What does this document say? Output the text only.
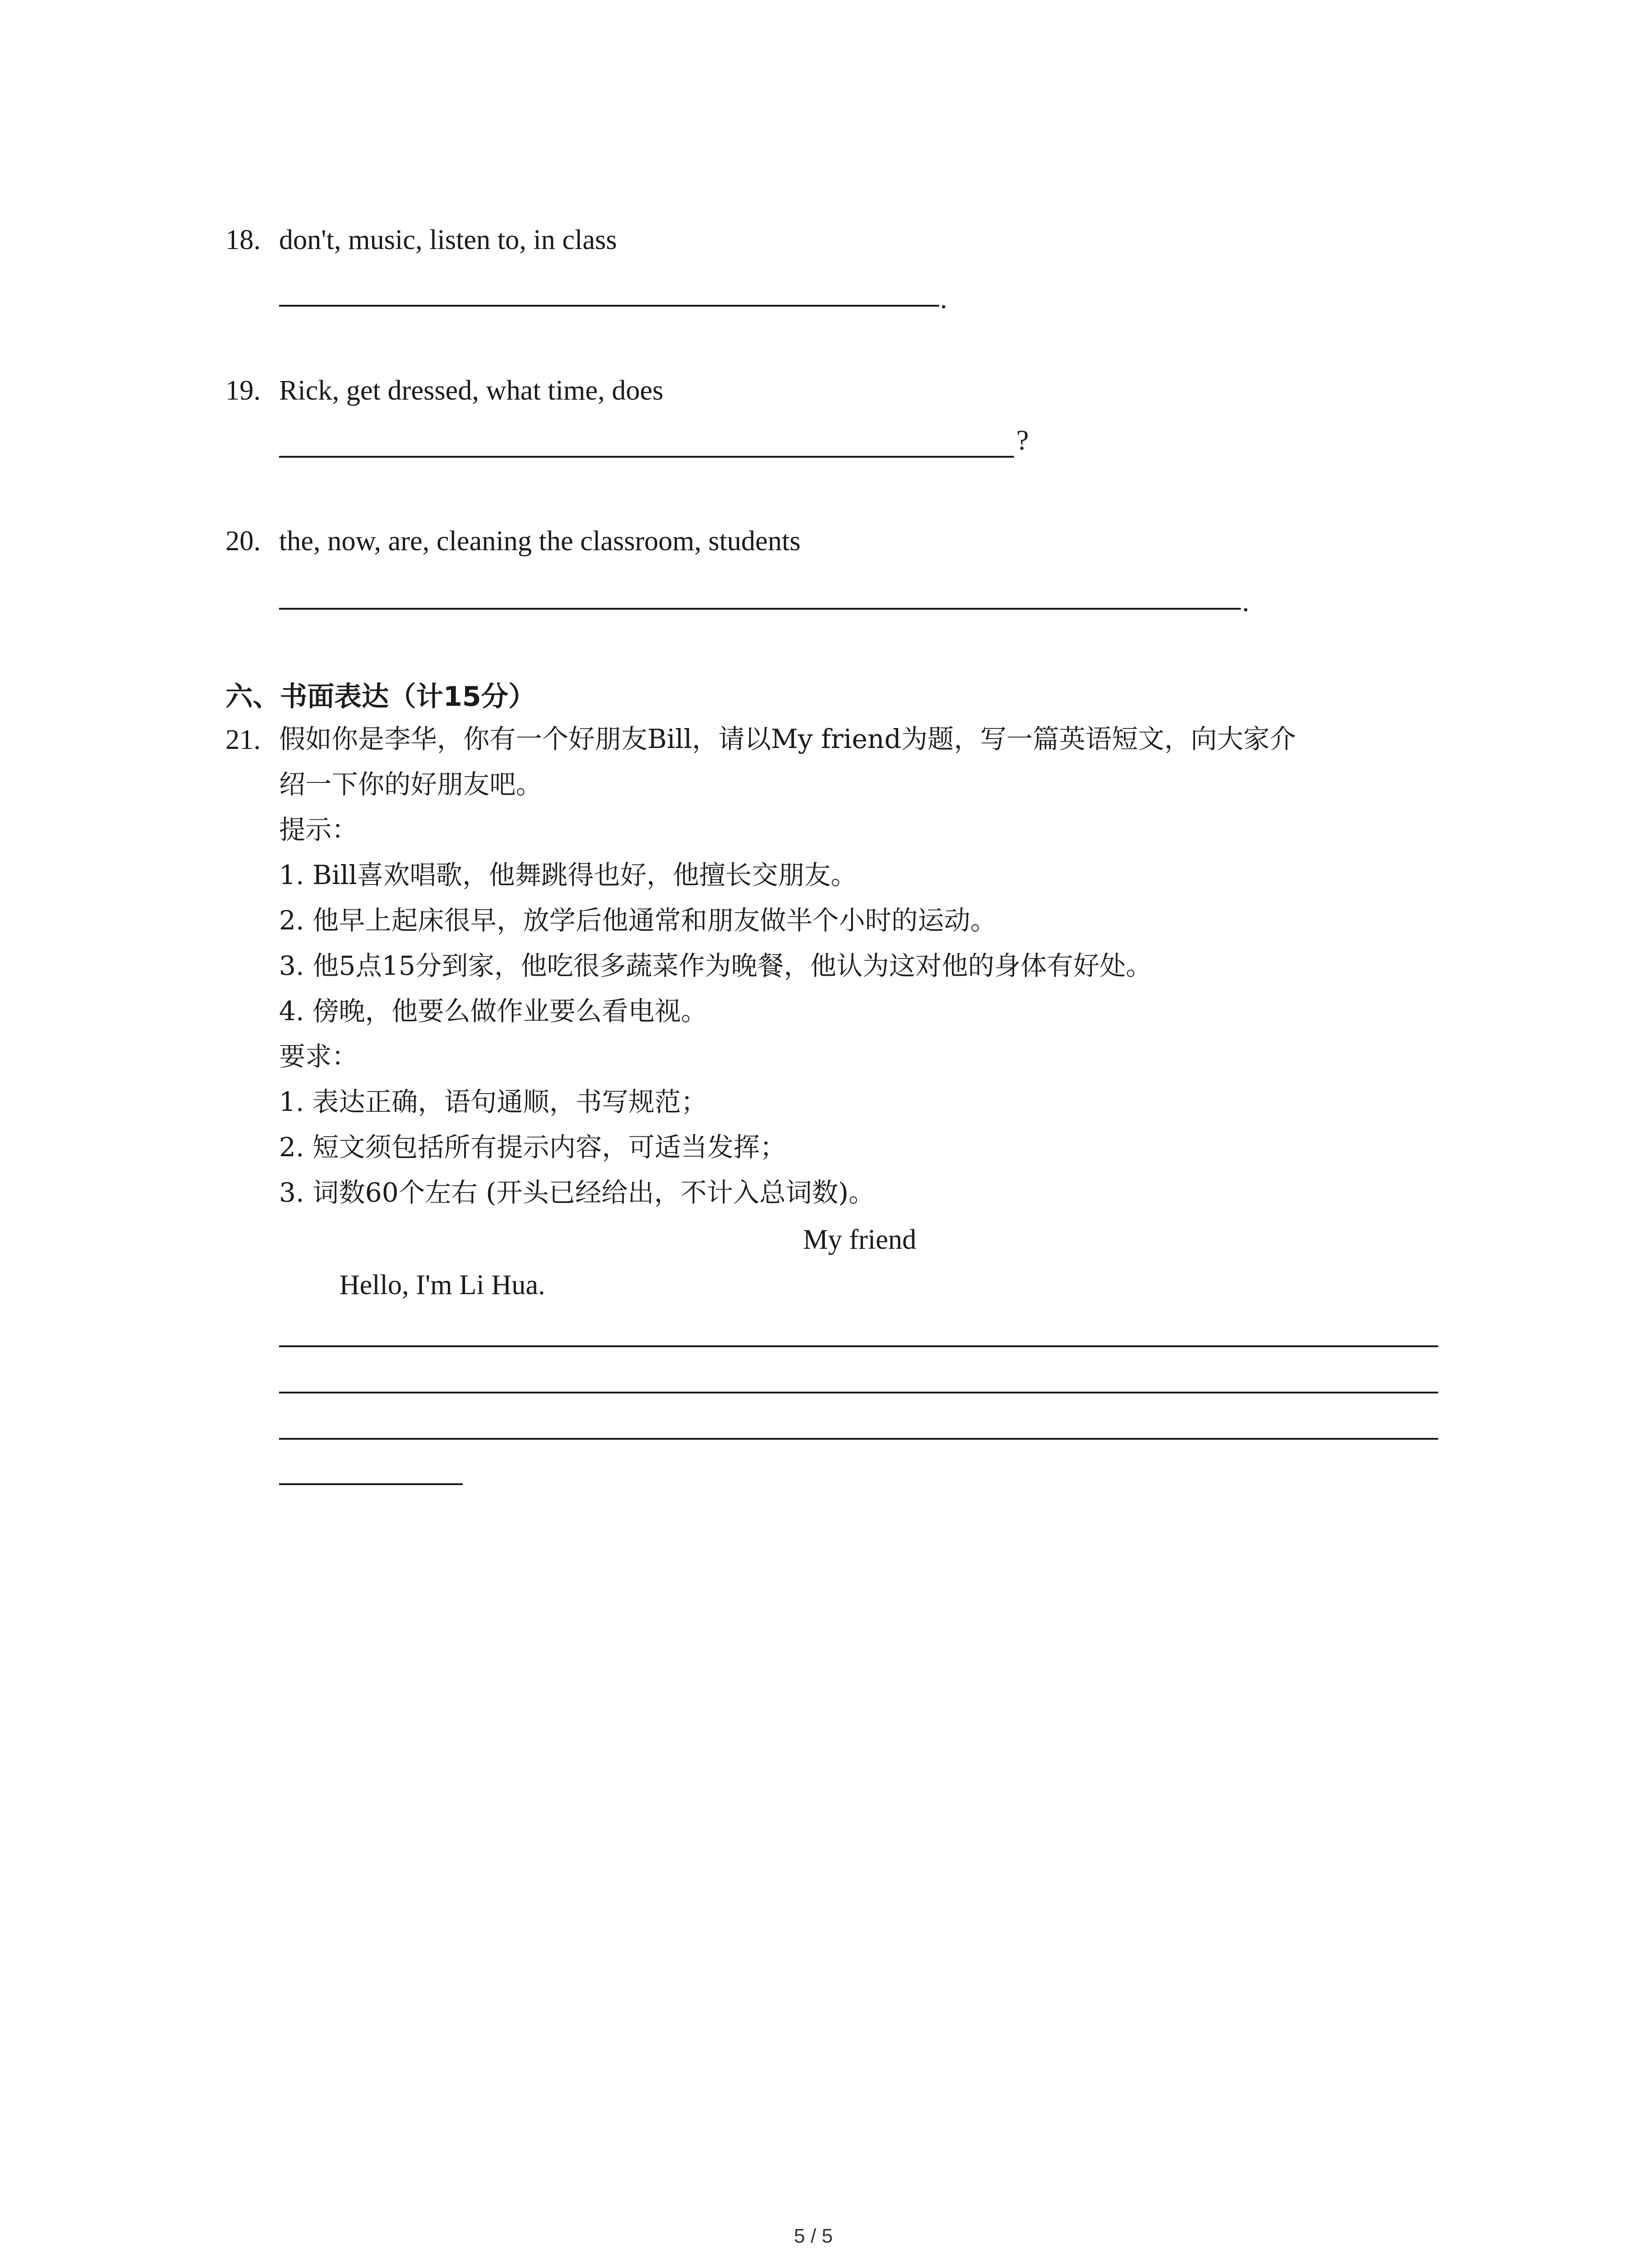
18. don't, music, listen to, in class
.
19. Rick, get dressed, what time, does
?
20. the, now, are, cleaning the classroom, students
.
六、书面表达（计15分）
21. 假如你是李华，你有一个好朋友Bill，请以My friend为题，写一篇英语短文，向大家介
绍一下你的好朋友吧。
提示：
1. Bill喜欢唱歌，他舞跳得也好，他擅长交朋友。
2. 他早上起床很早，放学后他通常和朋友做半个小时的运动。
3. 他5点15分到家，他吃很多蔬菜作为晚餐，他认为这对他的身体有好处。
4. 傍晚，他要么做作业要么看电视。
要求：
1. 表达正确，语句通顺，书写规范；
2. 短文须包括所有提示内容，可适当发挥；
3. 词数60个左右 (开头已经给出，不计入总词数)。
My friend
Hello, I'm Li Hua.
5 / 5
